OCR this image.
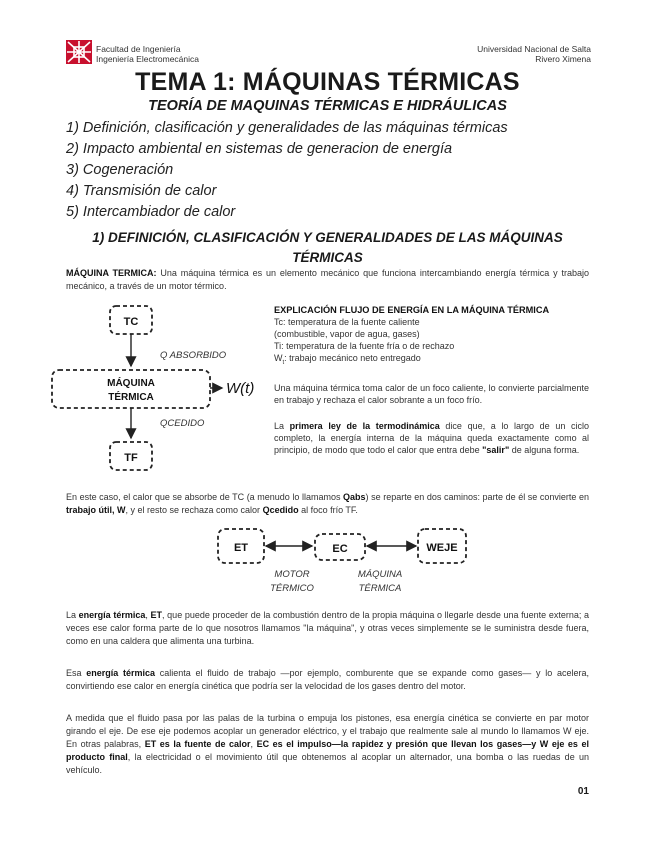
Facultad de Ingeniería
Ingeniería Electromecánica
Universidad Nacional de Salta
Rivero Ximena
TEMA 1: MÁQUINAS TÉRMICAS
TEORÍA DE MAQUINAS TÉRMICAS E HIDRÁULICAS
1) Definición, clasificación y generalidades de las máquinas térmicas
2) Impacto ambiental en sistemas de generacion de energía
3) Cogeneración
4) Transmisión de calor
5) Intercambiador de calor
1) DEFINICIÓN, CLASIFICACIÓN Y GENERALIDADES DE LAS MÁQUINAS
TÉRMICAS
MÁQUINA TERMICA: Una máquina térmica es un elemento mecánico que funciona intercambiando energía térmica y trabajo mecánico, a través de un motor térmico.
TC
Q ABSORBIDO
MÁQUINA
TÉRMICA
W(t)
QCEDIDO
TF
EXPLICACIÓN FLUJO DE ENERGÍA EN LA MÁQUINA TÉRMICA
Tc: temperatura de la fuente caliente
(combustible, vapor de agua, gases)
Ti: temperatura de la fuente fría o de rechazo
$W_t$: trabajo mecánico neto entregado
Una máquina térmica toma calor de un foco caliente, lo convierte parcialmente en trabajo y rechaza el calor sobrante a un foco frío.
La primera ley de la termodinámica dice que, a lo largo de un ciclo completo, la energía interna de la máquina queda exactamente como al principio, de modo que todo el calor que entra debe "salir" de alguna forma.
En este caso, el calor que se absorbe de TC (a menudo lo llamamos Qabs) se reparte en dos caminos: parte de él se convierte en trabajo útil, W, y el resto se rechaza como calor Qcedido al foco frío TF.
ET	EC	WEJE
MOTOR
TÉRMICO
MÁQUINA
TÉRMICA
La energía térmica, ET, que puede proceder de la combustión dentro de la propia máquina o llegarle desde una fuente externa; a veces ese calor forma parte de lo que nosotros llamamos "la máquina", y otras veces simplemente se le suministra desde fuera, como en una caldera que alimenta una turbina.
Esa energía térmica calienta el fluido de trabajo —por ejemplo, comburente que se expande como gases— y lo acelera, convirtiendo ese calor en energía cinética que podría ser la velocidad de los gases dentro del motor.
A medida que el fluido pasa por las palas de la turbina o empuja los pistones, esa energía cinética se convierte en par motor girando el eje. De ese eje podemos acoplar un generador eléctrico, y el trabajo que realmente sale al mundo lo llamamos W eje. En otras palabras, ET es la fuente de calor, EC es el impulso—la rapidez y presión que llevan los gases—y W eje es el producto final, la electricidad o el movimiento útil que obtenemos al acoplar un alternador, una bomba o las ruedas de un vehículo.
01
